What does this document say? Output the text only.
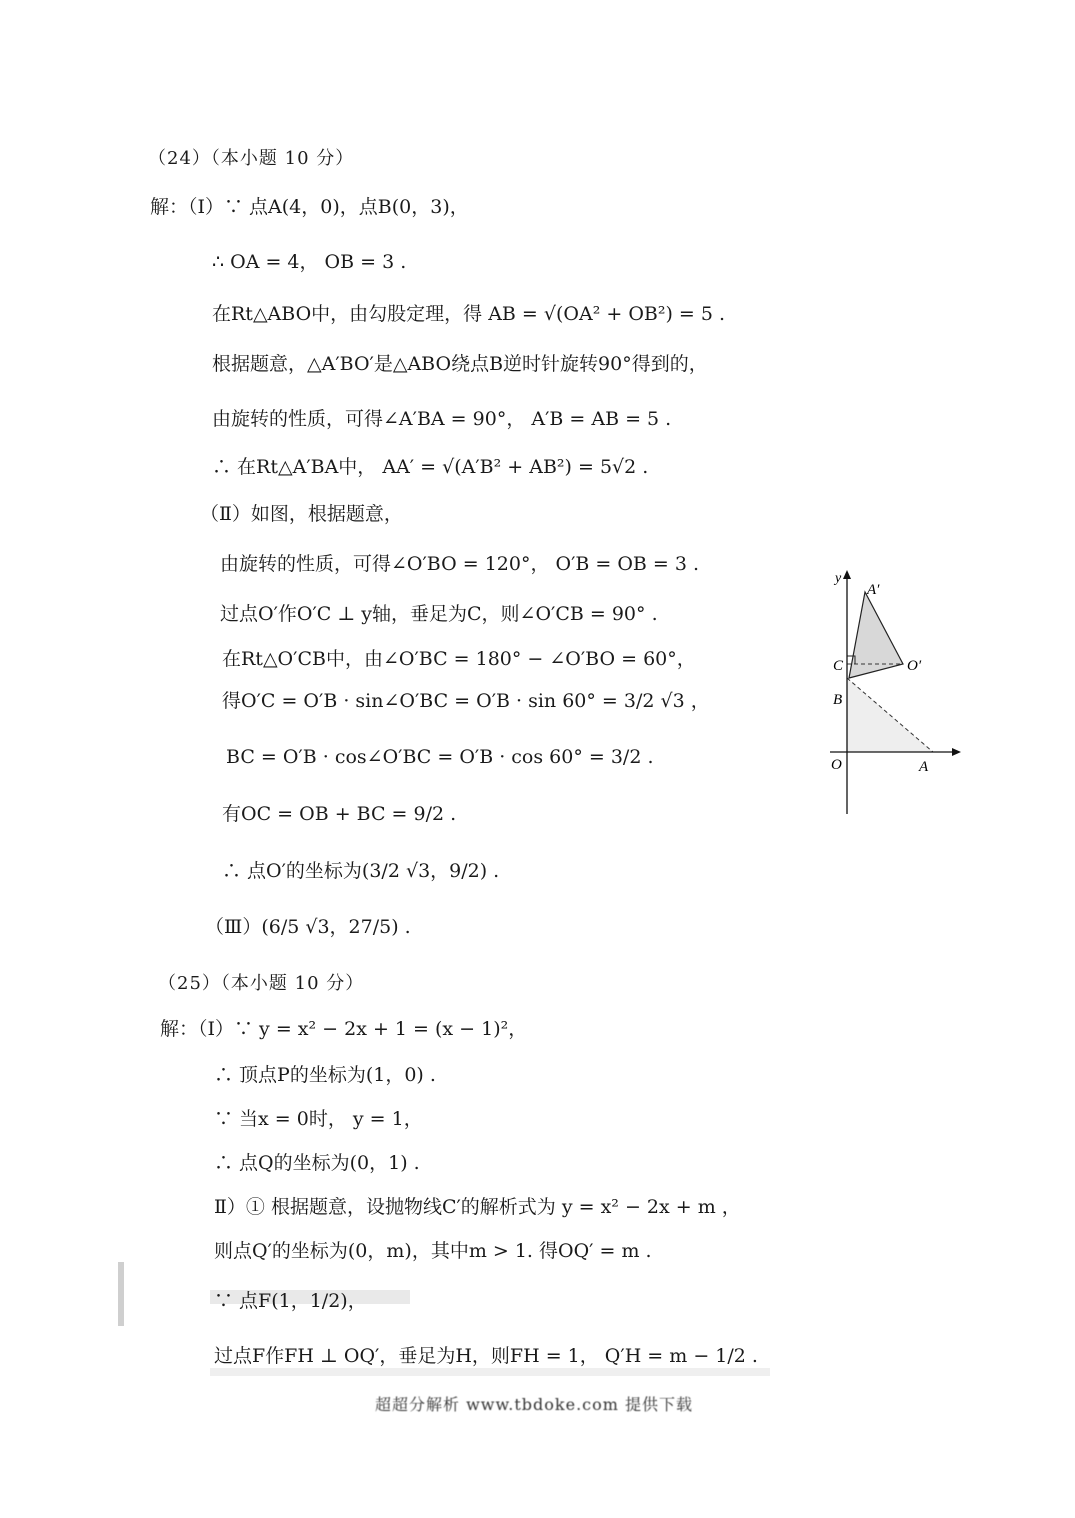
（24）（本小题 10 分）
解：（Ⅰ）∵ 点A(4，0)，点B(0，3)，
∴ OA = 4， OB = 3 .
在Rt△ABO中，由勾股定理，得 AB = √(OA² + OB²) = 5 .
根据题意，△A′BO′是△ABO绕点B逆时针旋转90°得到的，
由旋转的性质，可得∠A′BA = 90°， A′B = AB = 5 .
∴ 在Rt△A′BA中， AA′ = √(A′B² + AB²) = 5√2 .
（Ⅱ）如图，根据题意，
由旋转的性质，可得∠O′BO = 120°， O′B = OB = 3 .
过点O′作O′C ⊥ y轴，垂足为C，则∠O′CB = 90° .
在Rt△O′CB中，由∠O′BC = 180° − ∠O′BO = 60°，
得O′C = O′B · sin∠O′BC = O′B · sin 60° = 3/2 √3 ，
BC = O′B · cos∠O′BC = O′B · cos 60° = 3/2 .
有OC = OB + BC = 9/2 .
∴ 点O′的坐标为(3/2 √3，9/2) .
（Ⅲ）(6/5 √3，27/5) .
y
A′
C	O′
B
O	A
（25）（本小题 10 分）
解：（Ⅰ）∵ y = x² − 2x + 1 = (x − 1)²，
∴ 顶点P的坐标为(1，0) .
∵ 当x = 0时， y = 1，
∴ 点Q的坐标为(0，1) .
Ⅱ）① 根据题意，设抛物线C′的解析式为 y = x² − 2x + m ，
则点Q′的坐标为(0，m)，其中m > 1. 得OQ′ = m .
∵ 点F(1，1/2)，
过点F作FH ⊥ OQ′，垂足为H，则FH = 1， Q′H = m − 1/2 .
超超分解析 www.tbdoke.com 提供下载
